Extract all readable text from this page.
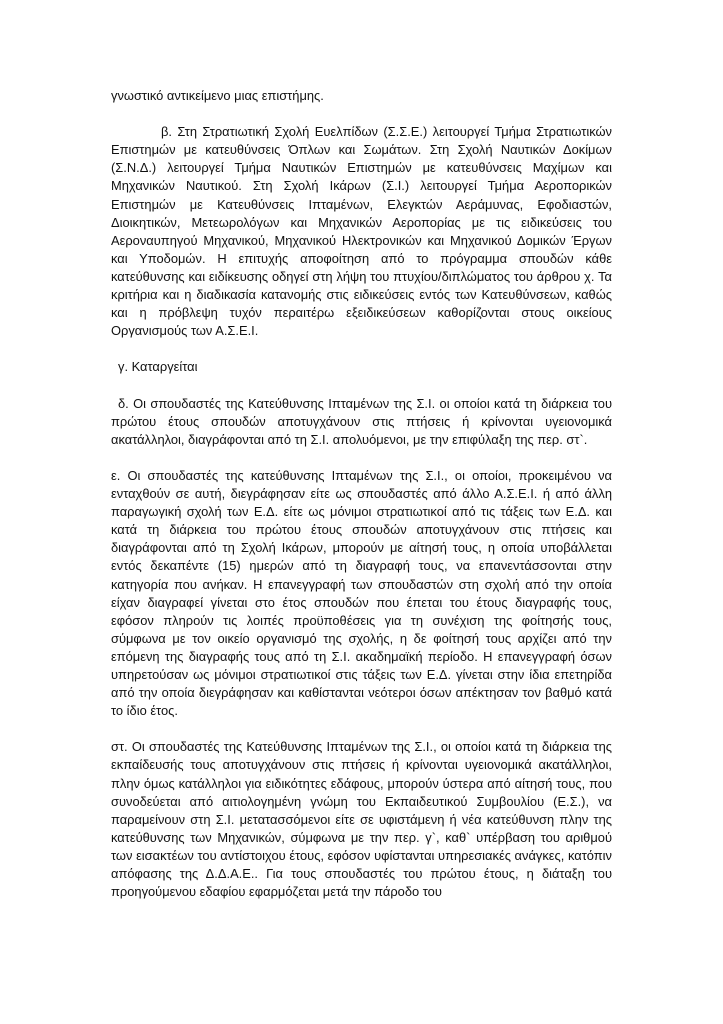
γνωστικό αντικείμενο μιας επιστήμης.

β. Στη Στρατιωτική Σχολή Ευελπίδων (Σ.Σ.Ε.) λειτουργεί Τμήμα Στρατιωτικών Επιστημών με κατευθύνσεις Όπλων και Σωμάτων. Στη Σχολή Ναυτικών Δοκίμων (Σ.Ν.Δ.) λειτουργεί Τμήμα Ναυτικών Επιστημών με κατευθύνσεις Μαχίμων και Μηχανικών Ναυτικού. Στη Σχολή Ικάρων (Σ.Ι.) λειτουργεί Τμήμα Αεροπορικών Επιστημών με Κατευθύνσεις Ιπταμένων, Ελεγκτών Αεράμυνας, Εφοδιαστών, Διοικητικών, Μετεωρολόγων και Μηχανικών Αεροπορίας με τις ειδικεύσεις του Αεροναυπηγού Μηχανικού, Μηχανικού Ηλεκτρονικών και Μηχανικού Δομικών Έργων και Υποδομών. Η επιτυχής αποφοίτηση από το πρόγραμμα σπουδών κάθε κατεύθυνσης και ειδίκευσης οδηγεί στη λήψη του πτυχίου/διπλώματος του άρθρου χ. Τα κριτήρια και η διαδικασία κατανομής στις ειδικεύσεις εντός των Κατευθύνσεων, καθώς και η πρόβλεψη τυχόν περαιτέρω εξειδικεύσεων καθορίζονται στους οικείους Οργανισμούς των Α.Σ.Ε.Ι.

γ. Καταργείται

δ. Οι σπουδαστές της Κατεύθυνσης Ιπταμένων της Σ.Ι. οι οποίοι κατά τη διάρκεια του πρώτου έτους σπουδών αποτυγχάνουν στις πτήσεις ή κρίνονται υγειονομικά ακατάλληλοι, διαγράφονται από τη Σ.Ι. απολυόμενοι, με την επιφύλαξη της περ. στ`.

ε. Οι σπουδαστές της κατεύθυνσης Ιπταμένων της Σ.Ι., οι οποίοι, προκειμένου να ενταχθούν σε αυτή, διεγράφησαν είτε ως σπουδαστές από άλλο Α.Σ.Ε.Ι. ή από άλλη παραγωγική σχολή των Ε.Δ. είτε ως μόνιμοι στρατιωτικοί από τις τάξεις των Ε.Δ. και κατά τη διάρκεια του πρώτου έτους σπουδών αποτυγχάνουν στις πτήσεις και διαγράφονται από τη Σχολή Ικάρων, μπορούν με αίτησή τους, η οποία υποβάλλεται εντός δεκαπέντε (15) ημερών από τη διαγραφή τους, να επανεντάσσονται στην κατηγορία που ανήκαν. Η επανεγγραφή των σπουδαστών στη σχολή από την οποία είχαν διαγραφεί γίνεται στο έτος σπουδών που έπεται του έτους διαγραφής τους, εφόσον πληρούν τις λοιπές προϋποθέσεις για τη συνέχιση της φοίτησής τους, σύμφωνα με τον οικείο οργανισμό της σχολής, η δε φοίτησή τους αρχίζει από την επόμενη της διαγραφής τους από τη Σ.Ι. ακαδημαϊκή περίοδο. Η επανεγγραφή όσων υπηρετούσαν ως μόνιμοι στρατιωτικοί στις τάξεις των Ε.Δ. γίνεται στην ίδια επετηρίδα από την οποία διεγράφησαν και καθίστανται νεότεροι όσων απέκτησαν τον βαθμό κατά το ίδιο έτος.

στ. Οι σπουδαστές της Κατεύθυνσης Ιπταμένων της Σ.Ι., οι οποίοι κατά τη διάρκεια της εκπαίδευσής τους αποτυγχάνουν στις πτήσεις ή κρίνονται υγειονομικά ακατάλληλοι, πλην όμως κατάλληλοι για ειδικότητες εδάφους, μπορούν ύστερα από αίτησή τους, που συνοδεύεται από αιτιολογημένη γνώμη του Εκπαιδευτικού Συμβουλίου (Ε.Σ.), να παραμείνουν στη Σ.Ι. μετατασσόμενοι είτε σε υφιστάμενη ή νέα κατεύθυνση πλην της κατεύθυνσης των Μηχανικών, σύμφωνα με την περ. γ`, καθ` υπέρβαση του αριθμού των εισακτέων του αντίστοιχου έτους, εφόσον υφίστανται υπηρεσιακές ανάγκες, κατόπιν απόφασης της Δ.Δ.Α.Ε.. Για τους σπουδαστές του πρώτου έτους, η διάταξη του προηγούμενου εδαφίου εφαρμόζεται μετά την πάροδο του
